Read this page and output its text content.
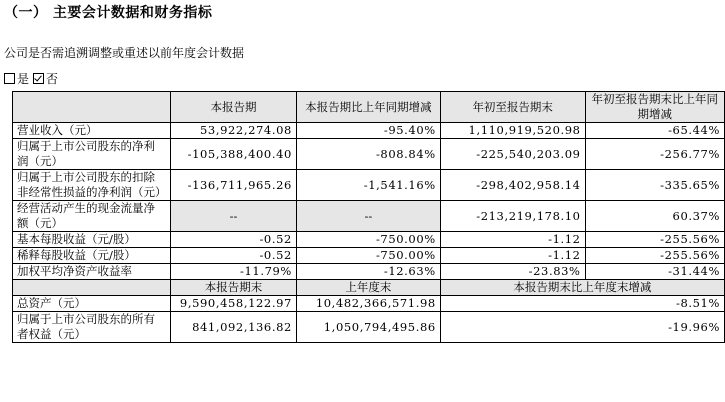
（一） 主要会计数据和财务指标
公司是否需追溯调整或重述以前年度会计数据
是 否
	本报告期	本报告期比上年同期增减	年初至报告期末	年初至报告期末比上年同期增减
营业收入（元）	53,922,274.08	-95.40%	1,110,919,520.98	-65.44%
归属于上市公司股东的净利润（元）	-105,388,400.40	-808.84%	-225,540,203.09	-256.77%
归属于上市公司股东的扣除非经常性损益的净利润（元）	-136,711,965.26	-1,541.16%	-298,402,958.14	-335.65%
经营活动产生的现金流量净额（元）	--	--	-213,219,178.10	60.37%
基本每股收益（元/股）	-0.52	-750.00%	-1.12	-255.56%
稀释每股收益（元/股）	-0.52	-750.00%	-1.12	-255.56%
加权平均净资产收益率	-11.79%	-12.63%	-23.83%	-31.44%
	本报告期末	上年度末	本报告期末比上年度末增减	
总资产（元）	9,590,458,122.97	10,482,366,571.98	-8.51%	
归属于上市公司股东的所有者权益（元）	841,092,136.82	1,050,794,495.86	-19.96%	
